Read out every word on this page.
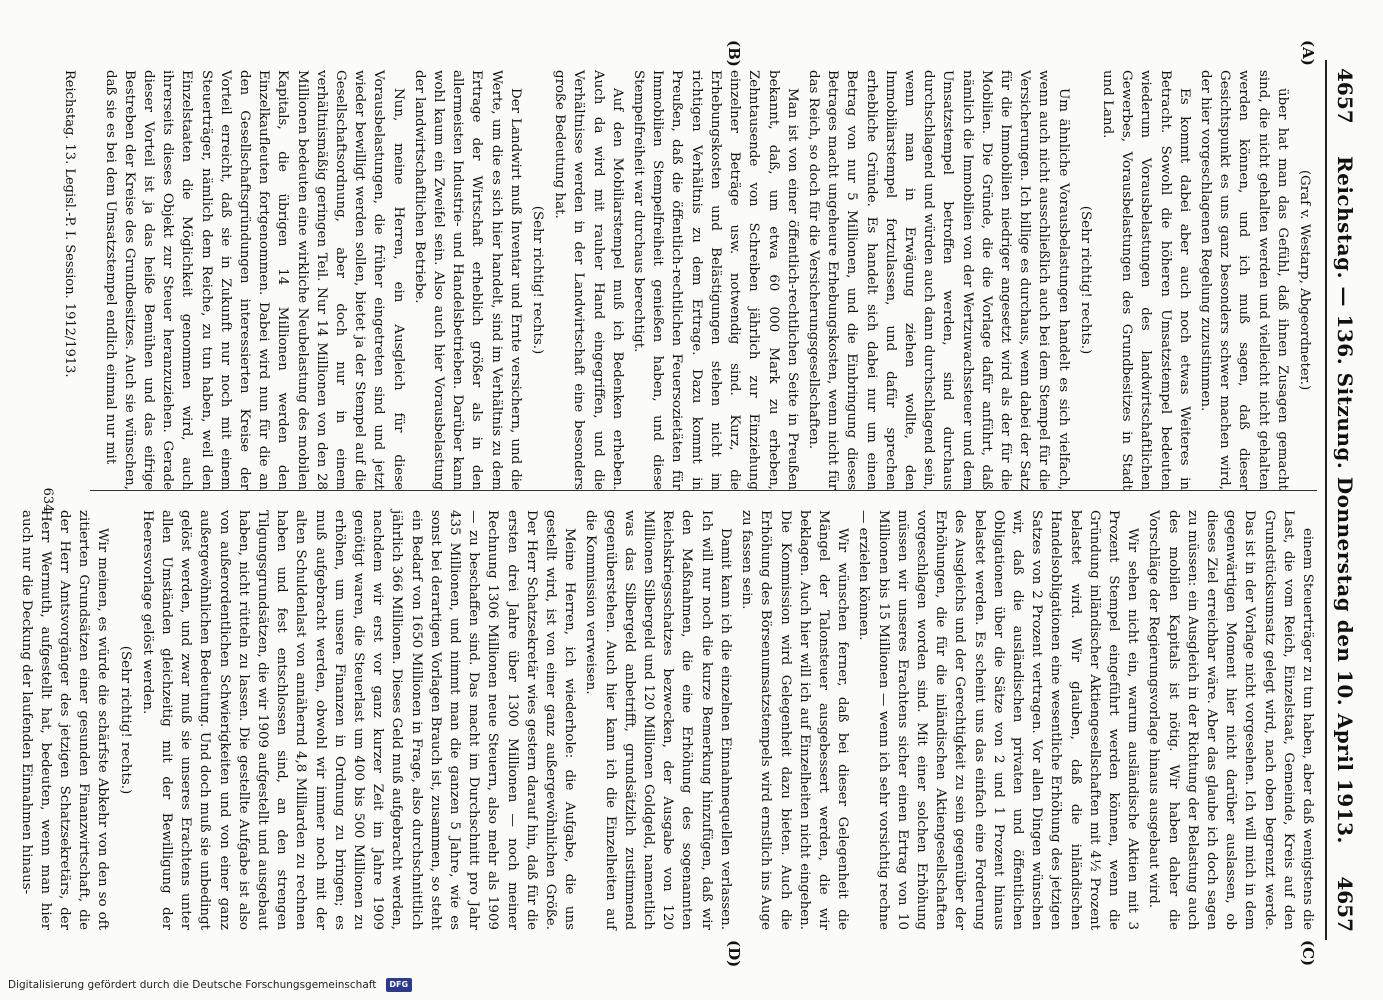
4657
Reichstag. — 136. Sitzung. Donnerstag den 10. April 1913.
4657
(A)
(B)
(C)
(D)

(Graf v. Westarp, Abgeordneter.)

über hat man das Gefühl, daß ihnen Zusagen gemacht sind, die nicht gehalten werden und vielleicht nicht gehalten werden können, und ich muß sagen, daß dieser Gesichtspunkt es uns ganz besonders schwer machen wird, der hier vorgeschlagenen Regelung zuzustimmen.

Es kommt dabei aber auch noch etwas Weiteres in Betracht. Sowohl die höheren Umsatzstempel bedeuten wiederum Vorausbelastungen des landwirtschaftlichen Gewerbes, Vorausbelastungen des Grundbesitzes in Stadt und Land.

(Sehr richtig! rechts.)

Um ähnliche Vorausbelastungen handelt es sich vielfach, wenn auch nicht ausschließlich auch bei dem Stempel für die Versicherungen. Ich billige es durchaus, wenn dabei der Satz für die Immobilien niedriger angesetzt wird als der für die Mobilien. Die Gründe, die die Vorlage dafür anführt, daß nämlich die Immobilien von der Wertzuwachssteuer und dem Umsatzstempel betroffen werden, sind durchaus durchschlagend und würden auch dann durchschlagend sein, wenn man in Erwägung ziehen wollte, den Immobiliarstempel fortzulassen, und dafür sprechen erhebliche Gründe. Es handelt sich dabei nur um einen Betrag von nur 5 Millionen, und die Einbringung dieses Betrages macht ungeheure Erhebungskosten, wenn nicht für das Reich, so doch für die Versicherungsgesellschaften.

Man ist von einer öffentlich-rechtlichen Seite in Preußen bekannt, daß, um etwa 60 000 Mark zu erheben, Zehntausende von Schreiben jährlich zur Einziehung einzelner Beträge usw. notwendig sind. Kurz, die Erhebungskosten und Belästigungen stehen nicht im richtigen Verhältnis zu dem Ertrage. Dazu kommt in Preußen, daß die öffentlich-rechtlichen Feuersozietäten für Immobilien Stempelfreiheit genießen haben, und diese Stempelfreiheit war durchaus berechtigt.

Auf den Mobiliarstempel muß ich Bedenken erheben. Auch da wird mit rauher Hand eingegriffen, und die Verhältnisse werden in der Landwirtschaft eine besonders große Bedeutung hat.

(Sehr richtig! rechts.)

Der Landwirt muß Inventar und Ernte versichern, und die Werte, um die es sich hier handelt, sind im Verhältnis zu dem Ertrage der Wirtschaft erheblich größer als in den allermeisten Industrie- und Handelsbetrieben. Darüber kann wohl kaum ein Zweifel sein. Also auch hier Vorausbelastung der landwirtschaftlichen Betriebe.

Nun, meine Herren, ein Ausgleich für diese Vorausbelastungen, die früher eingetreten sind und jetzt wieder bewilligt werden sollen, bietet ja der Stempel auf die Gesellschaftsordnung, aber doch nur in einem verhältnismäßig geringen Teil. Nur 14 Millionen von den 28 Millionen bedeuten eine wirkliche Neubelastung des mobilen Kapitals, die übrigen 14 Millionen werden den Einzelkaufleuten fortgenommen. Dabei wird nun für die an den Gesellschaftsgründungen interessierten Kreise der Vorteil erreicht, daß sie in Zukunft nur noch mit einem Steuerträger, nämlich dem Reiche, zu tun haben, weil den Einzelstaaten die Möglichkeit genommen wird, auch ihrerseits dieses Objekt zur Steuer heranzuziehen. Gerade dieser Vorteil ist ja das heiße Bemühen und das eifrige Bestreben der Kreise des Grundbesitzes. Auch sie wünschen, daß sie es bei dem Umsatzstempel endlich einmal nur mit

einem Steuerträger zu tun haben, aber daß wenigstens die Last, die vom Reich, Einzelstaat, Gemeinde, Kreis auf den Grundstücksumsatz gelegt wird, nach oben begrenzt werde. Das ist in der Vorlage nicht vorgesehen. Ich will mich in dem gegenwärtigen Moment hier nicht darüber auslassen, ob dieses Ziel erreichbar wäre. Aber das glaube ich doch sagen zu müssen: ein Ausgleich in der Richtung der Belastung auch des mobilen Kapitals ist nötig. Wir haben daher die Vorschläge der Regierungsvorlage hinaus ausgebaut wird.

Wir sehen nicht ein, warum ausländische Aktien mit 3 Prozent Stempel eingeführt werden können, wenn die Gründung inländischer Aktiengesellschaften mit 4½ Prozent belastet wird. Wir glauben, daß die inländischen Handelsobligationen eine wesentliche Erhöhung des jetzigen Satzes von 2 Prozent vertragen. Vor allen Dingen wünschen wir, daß die ausländischen privaten und öffentlichen Obligationen über die Sätze von 2 und 1 Prozent hinaus belastet werden. Es scheint uns das einfach eine Forderung des Ausgleichs und der Gerechtigkeit zu sein gegenüber der Erhöhungen, die für die inländischen Aktiengesellschaften vorgeschlagen worden sind. Mit einer solchen Erhöhung müssen wir unseres Erachtens sicher einen Ertrag von 10 Millionen bis 15 Millionen — wenn ich sehr vorsichtig rechne — erzielen können.

Wir wünschen ferner, daß bei dieser Gelegenheit die Mängel der Talonsteuer ausgebessert werden, die wir beklagen. Auch hier will ich auf Einzelheiten nicht eingehen. Die Kommission wird Gelegenheit dazu bieten. Auch die Erhöhung des Börsenumsatzstempels wird ernstlich ins Auge zu fassen sein.

Damit kann ich die einzelnen Einnahmequellen verlassen. Ich will nur noch die kurze Bemerkung hinzufügen, daß wir den Maßnahmen, die eine Erhöhung des sogenannten Reichskriegsschatzes bezwecken, der Ausgabe von 120 Millionen Silbergeld und 120 Millionen Goldgeld, namentlich was das Silbergeld anbetrifft, grundsätzlich zustimmend gegenüberstehen. Auch hier kann ich die Einzelheiten auf die Kommission verweisen.

Meine Herren, ich wiederhole: die Aufgabe, die uns gestellt wird, ist von einer ganz außergewöhnlichen Größe. Der Herr Schatzsekretär wies gestern darauf hin, daß für die ersten drei Jahre über 1300 Millionen — noch meiner Rechnung 1306 Millionen neue Steuern, also mehr als 1909 — zu beschaffen sind. Das macht im Durchschnitt pro Jahr 435 Millionen, und nimmt man die ganzen 5 Jahre, wie es sonst bei derartigen Vorlagen Brauch ist, zusammen, so steht ein Bedarf von 1650 Millionen in Frage, also durchschnittlich jährlich 366 Millionen. Dieses Geld muß aufgebracht werden, nachdem wir erst vor ganz kurzer Zeit im Jahre 1909 genötigt waren, die Steuerlast um 400 bis 500 Millionen zu erhöhen, um unsere Finanzen in Ordnung zu bringen; es muß aufgebracht werden, obwohl wir immer noch mit der alten Schuldenlast von annähernd 4,8 Milliarden zu rechnen haben und fest entschlossen sind, an den strengen Tilgungsgrundsätzen, die wir 1909 aufgestellt und ausgebaut haben, nicht rütteln zu lassen. Die gestellte Aufgabe ist also von außerordentlichen Schwierigkeiten und von einer ganz außergewöhnlichen Bedeutung. Und doch muß sie unbedingt gelöst werden, und zwar muß sie unseres Erachtens unter allen Umständen gleichzeitig mit der Bewilligung der Heeresvorlage gelöst werden.

(Sehr richtig! rechts.)

Wir meinen, es würde die schärfste Abkehr von den so oft zitierten Grundsätzen einer gesunden Finanzwirtschaft, die der Herr Amtsvorgänger des jetzigen Schatzsekretärs, der Herr Wermuth, aufgestellt hat, bedeuten, wenn man hier auch nur die Deckung der laufenden Einnahmen hinaus-

Reichstag. 13. Legisl.-P. I. Session. 1912/1913.
634
Digitalisierung gefördert durch die Deutsche Forschungsgemeinschaft DFG
